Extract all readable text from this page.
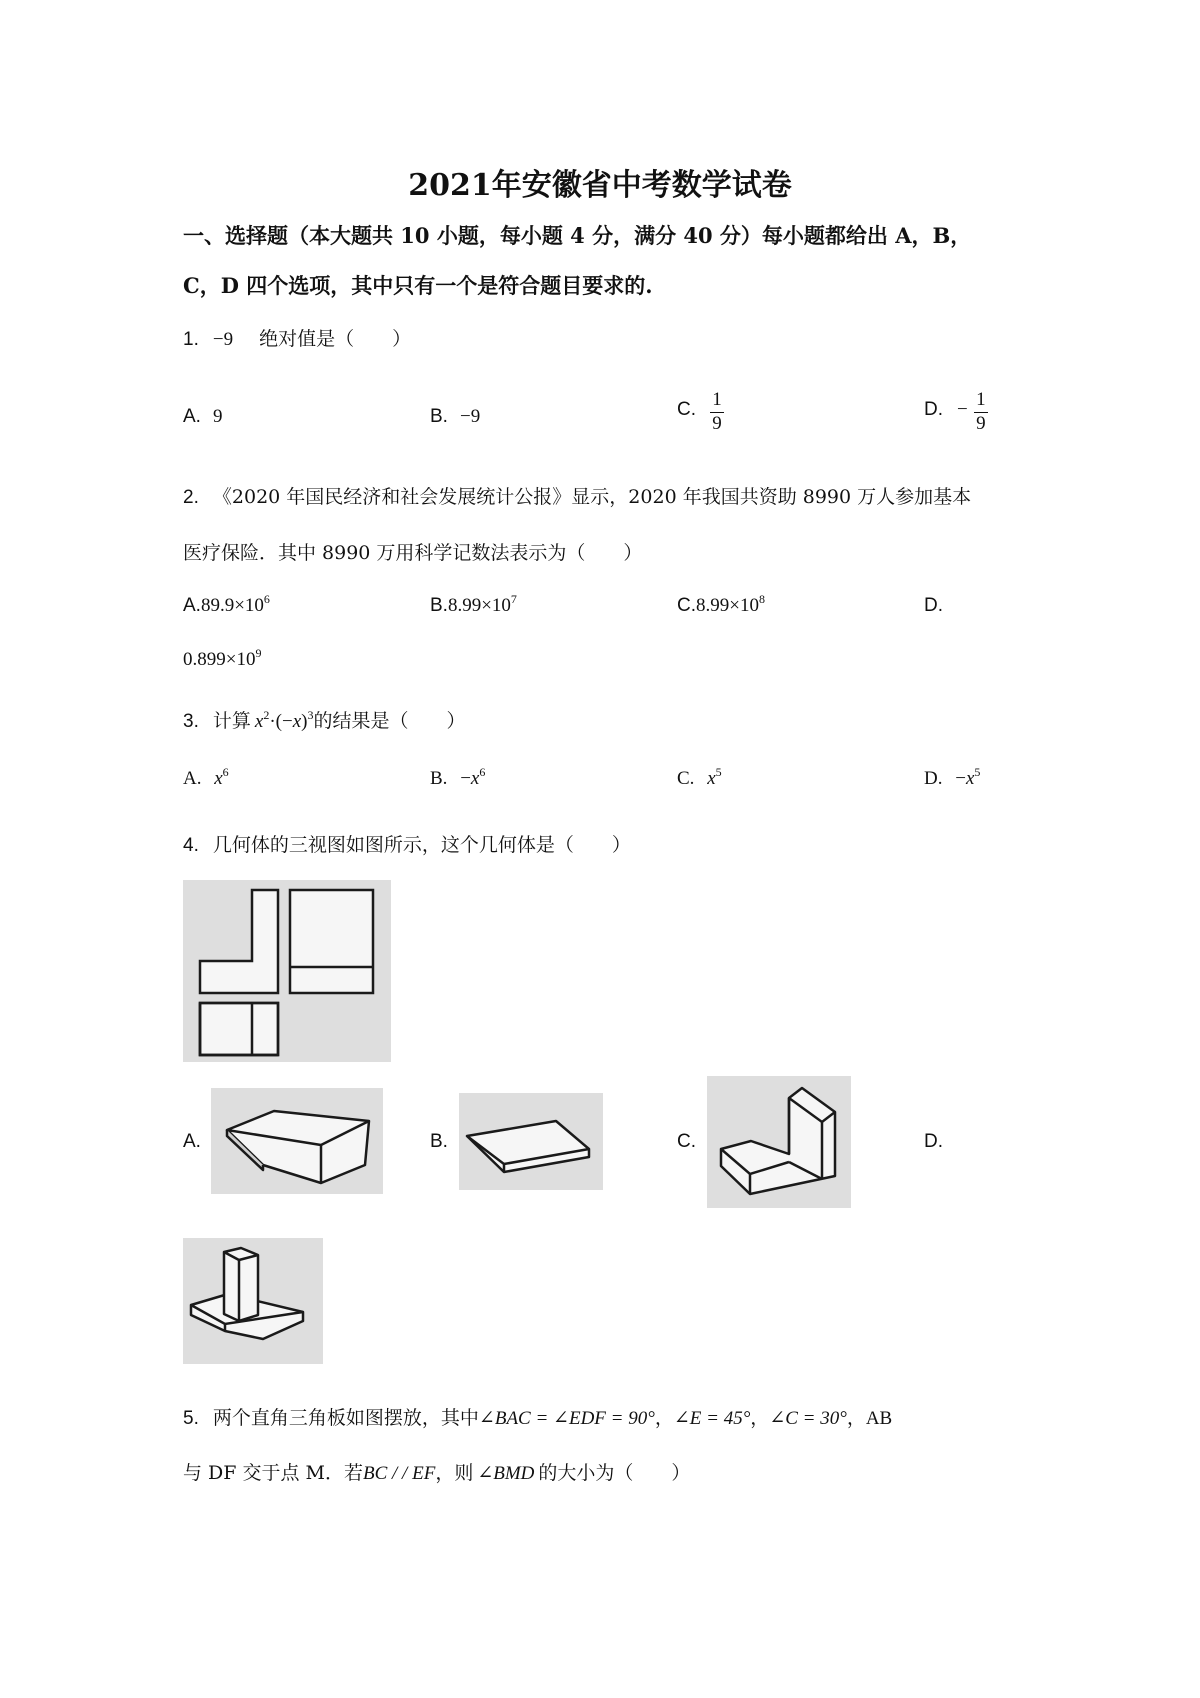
2021年安徽省中考数学试卷
一、选择题（本大题共 10 小题，每小题 4 分，满分 40 分）每小题都给出 A，B，
C，D 四个选项，其中只有一个是符合题目要求的.
1. −9 绝对值是（　　）
A. 9	B. −9	C. $\frac{1}{9}$	D. − $\frac{1}{9}$
2. 《2020 年国民经济和社会发展统计公报》显示，2020 年我国共资助 8990 万人参加基本
医疗保险．其中 8990 万用科学记数法表示为（　　）
$A.89.9\times 10^6$	$B.8.99\times 10^7$	$C.8.99\times 10^8$	D.
$0.899\times 10^9$
3. 计算 $x^2\cdot(-x)^3$的结果是（　　）
A. $x^6$	B. $-x^6$	C. $x^5$	D. $-x^5$
4. 几何体的三视图如图所示，这个几何体是（　　）
A.	B.	C.	D.
5. 两个直角三角板如图摆放，其中∠BAC = ∠EDF = 90°，∠E = 45°，∠C = 30°，AB
与 DF 交于点 M．若BC / / EF，则 ∠BMD 的大小为（　　）
